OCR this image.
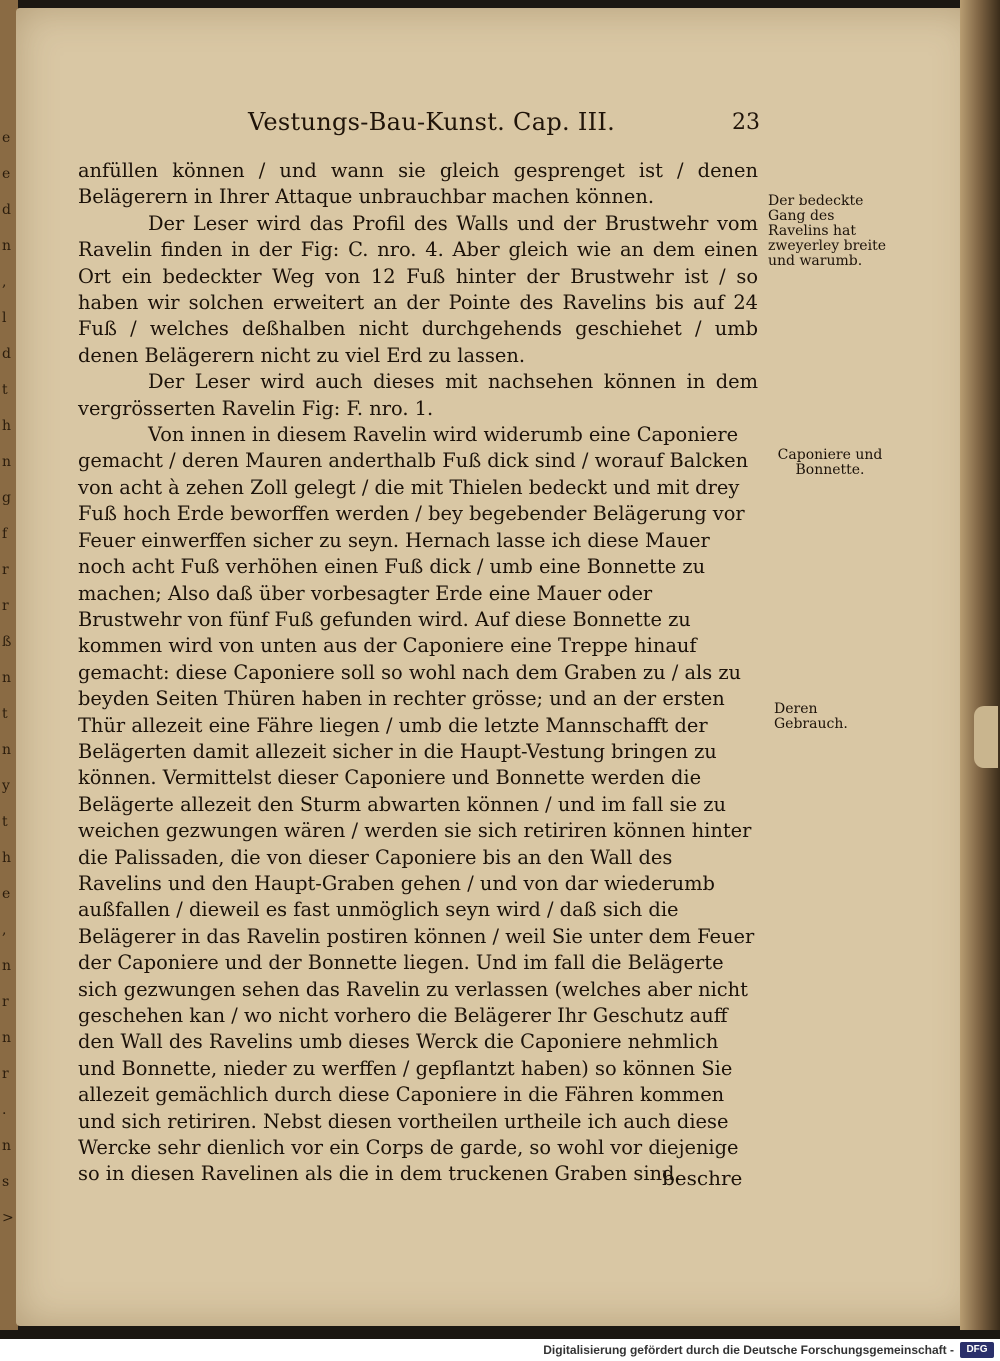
e
e
d
n
,
l
d
t
h
n
g
f
r
r
ß
n
t
n
y
t
h
e
,
n
r
n
r
.
n
s
>
Vestungs-Bau-Kunst. Cap. III.	23

anfüllen können / und wann sie gleich gesprenget ist / denen Belägerern in Ihrer Attaque unbrauchbar machen können.

Der Leser wird das Profil des Walls und der Brustwehr vom Ravelin finden in der Fig: C. nro. 4. Aber gleich wie an dem einen Ort ein bedeckter Weg von 12 Fuß hinter der Brustwehr ist / so haben wir solchen erweitert an der Pointe des Ravelins bis auf 24 Fuß / welches deßhalben nicht durchgehends geschiehet / umb denen Belägerern nicht zu viel Erd zu lassen.

Der Leser wird auch dieses mit nachsehen können in dem vergrösserten Ravelin Fig: F. nro. 1.

Von innen in diesem Ravelin wird widerumb eine Caponiere gemacht / deren Mauren anderthalb Fuß dick sind / worauf Balcken von acht à zehen Zoll gelegt / die mit Thielen bedeckt und mit drey Fuß hoch Erde beworffen werden / bey begebender Belägerung vor Feuer einwerffen sicher zu seyn. Hernach lasse ich diese Mauer noch acht Fuß verhöhen einen Fuß dick / umb eine Bonnette zu machen; Also daß über vorbesagter Erde eine Mauer oder Brustwehr von fünf Fuß gefunden wird. Auf diese Bonnette zu kommen wird von unten aus der Caponiere eine Treppe hinauf gemacht: diese Caponiere soll so wohl nach dem Graben zu / als zu beyden Seiten Thüren haben in rechter grösse; und an der ersten Thür allezeit eine Fähre liegen / umb die letzte Mannschafft der Belägerten damit allezeit sicher in die Haupt-Vestung bringen zu können. Vermittelst dieser Caponiere und Bonnette werden die Belägerte allezeit den Sturm abwarten können / und im fall sie zu weichen gezwungen wären / werden sie sich retiriren können hinter die Palissaden, die von dieser Caponiere bis an den Wall des Ravelins und den Haupt-Graben gehen / und von dar wiederumb außfallen / dieweil es fast unmöglich seyn wird / daß sich die Belägerer in das Ravelin postiren können / weil Sie unter dem Feuer der Caponiere und der Bonnette liegen. Und im fall die Belägerte sich gezwungen sehen das Ravelin zu verlassen (welches aber nicht geschehen kan / wo nicht vorhero die Belägerer Ihr Geschutz auff den Wall des Ravelins umb dieses Werck die Caponiere nehmlich und Bonnette, nieder zu werffen / gepflantzt haben) so können Sie allezeit gemächlich durch diese Caponiere in die Fähren kommen und sich retiriren. Nebst diesen vortheilen urtheile ich auch diese Wercke sehr dienlich vor ein Corps de garde, so wohl vor diejenige so in diesen Ravelinen als die in dem truckenen Graben sind.

beschre
Der bedeckte Gang des Ravelins hat zweyerley breite und warumb.
Caponiere und Bonnette.
Deren Gebrauch.
Digitalisierung gefördert durch die Deutsche Forschungsgemeinschaft -	DFG
